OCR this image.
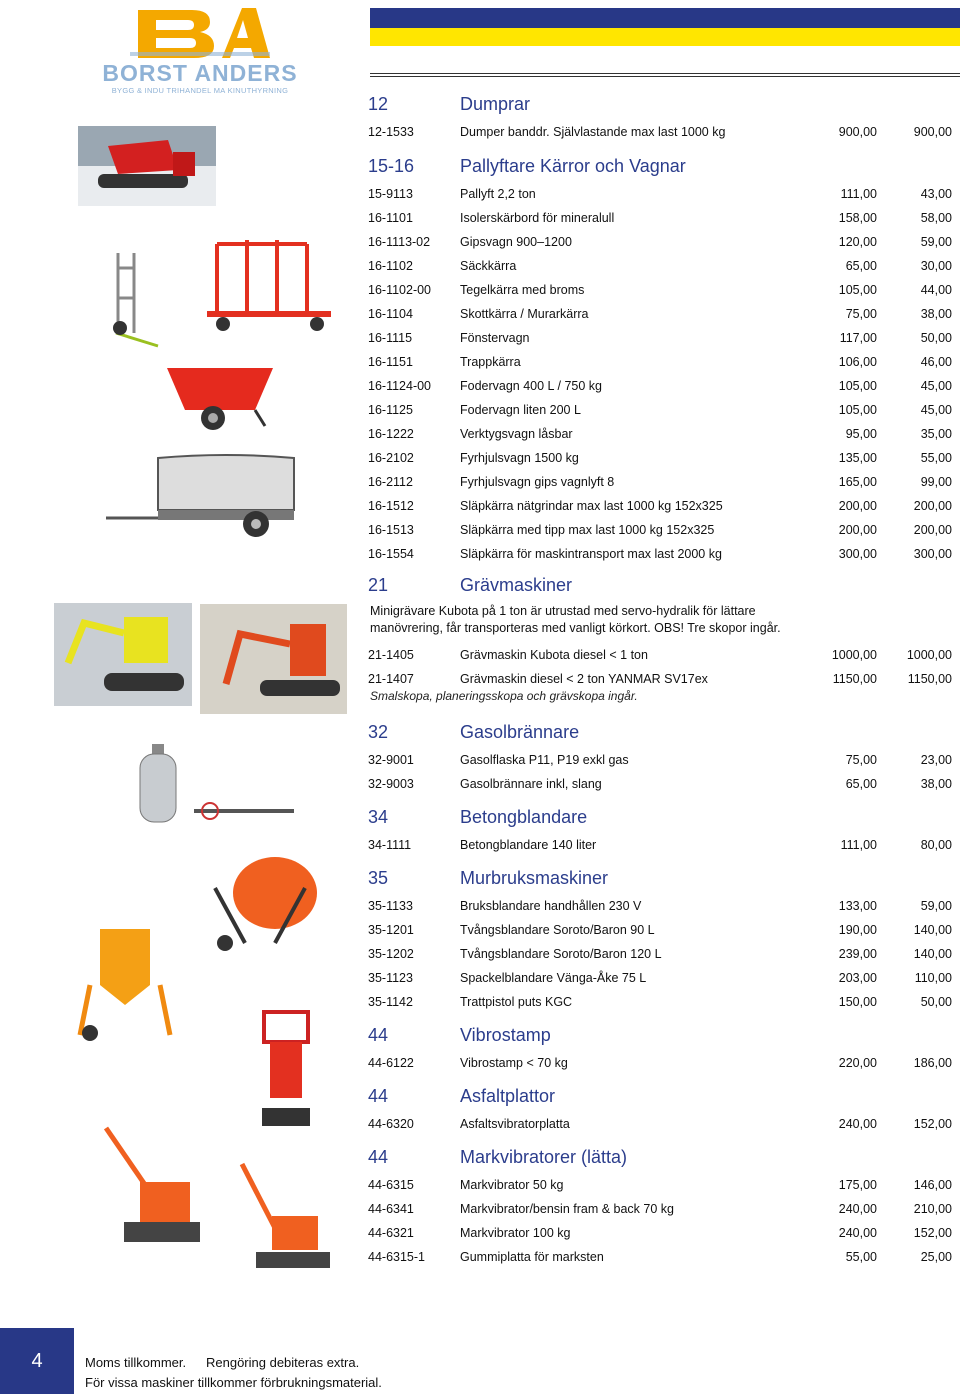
BORST ANDERS
BYGG & INDU TRIHANDEL MA KINUTHYRNING
12	Dumprar
12-1533	Dumper banddr. Självlastande max last 1000 kg	900,00	900,00
15-16	Pallyftare Kärror och Vagnar
15-9113	Pallyft 2,2 ton	111,00	43,00
16-1101	Isolerskärbord för mineralull	158,00	58,00
16-1113-02 Gipsvagn 900–1200	120,00	59,00
16-1102	Säckkärra	65,00	30,00
16-1102-00 Tegelkärra med broms	105,00	44,00
16-1104	Skottkärra / Murarkärra	75,00	38,00
16-1115	Fönstervagn	117,00	50,00
16-1151	Trappkärra	106,00	46,00
16-1124-00 Fodervagn 400 L / 750 kg	105,00	45,00
16-1125	Fodervagn liten 200 L	105,00	45,00
16-1222	Verktygsvagn låsbar	95,00	35,00
16-2102	Fyrhjulsvagn 1500 kg	135,00	55,00
16-2112	Fyrhjulsvagn gips vagnlyft 8	165,00	99,00
16-1512	Släpkärra nätgrindar max last 1000 kg 152x325	200,00	200,00
16-1513	Släpkärra med tipp max last 1000 kg 152x325	200,00	200,00
16-1554	Släpkärra för maskintransport max last 2000 kg	300,00	300,00
21	Grävmaskiner
Minigrävare Kubota på 1 ton är utrustad med servo-hydralik för lättare
manövrering, får transporteras med vanligt körkort. OBS! Tre skopor ingår.
21-1405	Grävmaskin Kubota diesel < 1 ton	1000,00 1000,00
21-1407	Grävmaskin diesel < 2 ton YANMAR SV17ex	1150,00 1150,00
Smalskopa, planeringsskopa och grävskopa ingår.
32	Gasolbrännare
32-9001	Gasolflaska P11, P19 exkl gas	75,00	23,00
32-9003	Gasolbrännare inkl, slang	65,00	38,00
34	Betongblandare
34-1111	Betongblandare 140 liter	111,00	80,00
35	Murbruksmaskiner
35-1133	Bruksblandare handhållen 230 V	133,00	59,00
35-1201	Tvångsblandare Soroto/Baron 90 L	190,00	140,00
35-1202	Tvångsblandare Soroto/Baron 120 L	239,00	140,00
35-1123	Spackelblandare Vänga-Åke 75 L	203,00	110,00
35-1142	Trattpistol puts KGC	150,00	50,00
44	Vibrostamp
44-6122	Vibrostamp < 70 kg	220,00	186,00
44	Asfaltplattor
44-6320	Asfaltsvibratorplatta	240,00	152,00
44	Markvibratorer (lätta)
44-6315	Markvibrator 50 kg	175,00	146,00
44-6341	Markvibrator/bensin fram & back 70 kg	240,00	210,00
44-6321	Markvibrator 100 kg	240,00	152,00
44-6315-1	Gummiplatta för marksten	55,00	25,00
4	Moms tillkommer. Rengöring debiteras extra.
För vissa maskiner tillkommer förbrukningsmaterial.
